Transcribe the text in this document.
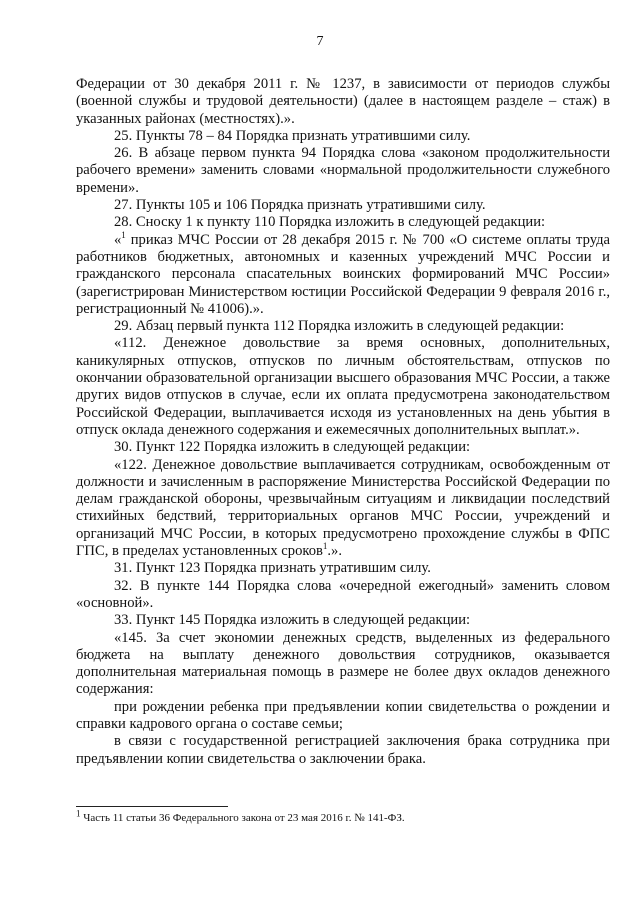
7

Федерации от 30 декабря 2011 г. № 1237, в зависимости от периодов службы (военной службы и трудовой деятельности) (далее в настоящем разделе – стаж) в указанных районах (местностях).».

25. Пункты 78 – 84 Порядка признать утратившими силу.

26. В абзаце первом пункта 94 Порядка слова «законом продолжительности рабочего времени» заменить словами «нормальной продолжительности служебного времени».

27. Пункты 105 и 106 Порядка признать утратившими силу.

28. Сноску 1 к пункту 110 Порядка изложить в следующей редакции:

«$^1$ приказ МЧС России от 28 декабря 2015 г. № 700 «О системе оплаты труда работников бюджетных, автономных и казенных учреждений МЧС России и гражданского персонала спасательных воинских формирований МЧС России» (зарегистрирован Министерством юстиции Российской Федерации 9 февраля 2016 г., регистрационный № 41006).».

29. Абзац первый пункта 112 Порядка изложить в следующей редакции:

«112. Денежное довольствие за время основных, дополнительных, каникулярных отпусков, отпусков по личным обстоятельствам, отпусков по окончании образовательной организации высшего образования МЧС России, а также других видов отпусков в случае, если их оплата предусмотрена законодательством Российской Федерации, выплачивается исходя из установленных на день убытия в отпуск оклада денежного содержания и ежемесячных дополнительных выплат.».

30. Пункт 122 Порядка изложить в следующей редакции:

«122. Денежное довольствие выплачивается сотрудникам, освобожденным от должности и зачисленным в распоряжение Министерства Российской Федерации по делам гражданской обороны, чрезвычайным ситуациям и ликвидации последствий стихийных бедствий, территориальных органов МЧС России, учреждений и организаций МЧС России, в которых предусмотрено прохождение службы в ФПС ГПС, в пределах установленных сроков$^1$.».

31. Пункт 123 Порядка признать утратившим силу.

32. В пункте 144 Порядка слова «очередной ежегодный» заменить словом «основной».

33. Пункт 145 Порядка изложить в следующей редакции:

«145. За счет экономии денежных средств, выделенных из федерального бюджета на выплату денежного довольствия сотрудников, оказывается дополнительная материальная помощь в размере не более двух окладов денежного содержания:

при рождении ребенка при предъявлении копии свидетельства о рождении и справки кадрового органа о составе семьи;

в связи с государственной регистрацией заключения брака сотрудника при предъявлении копии свидетельства о заключении брака.

$^1$ Часть 11 статьи 36 Федерального закона от 23 мая 2016 г. № 141-ФЗ.
